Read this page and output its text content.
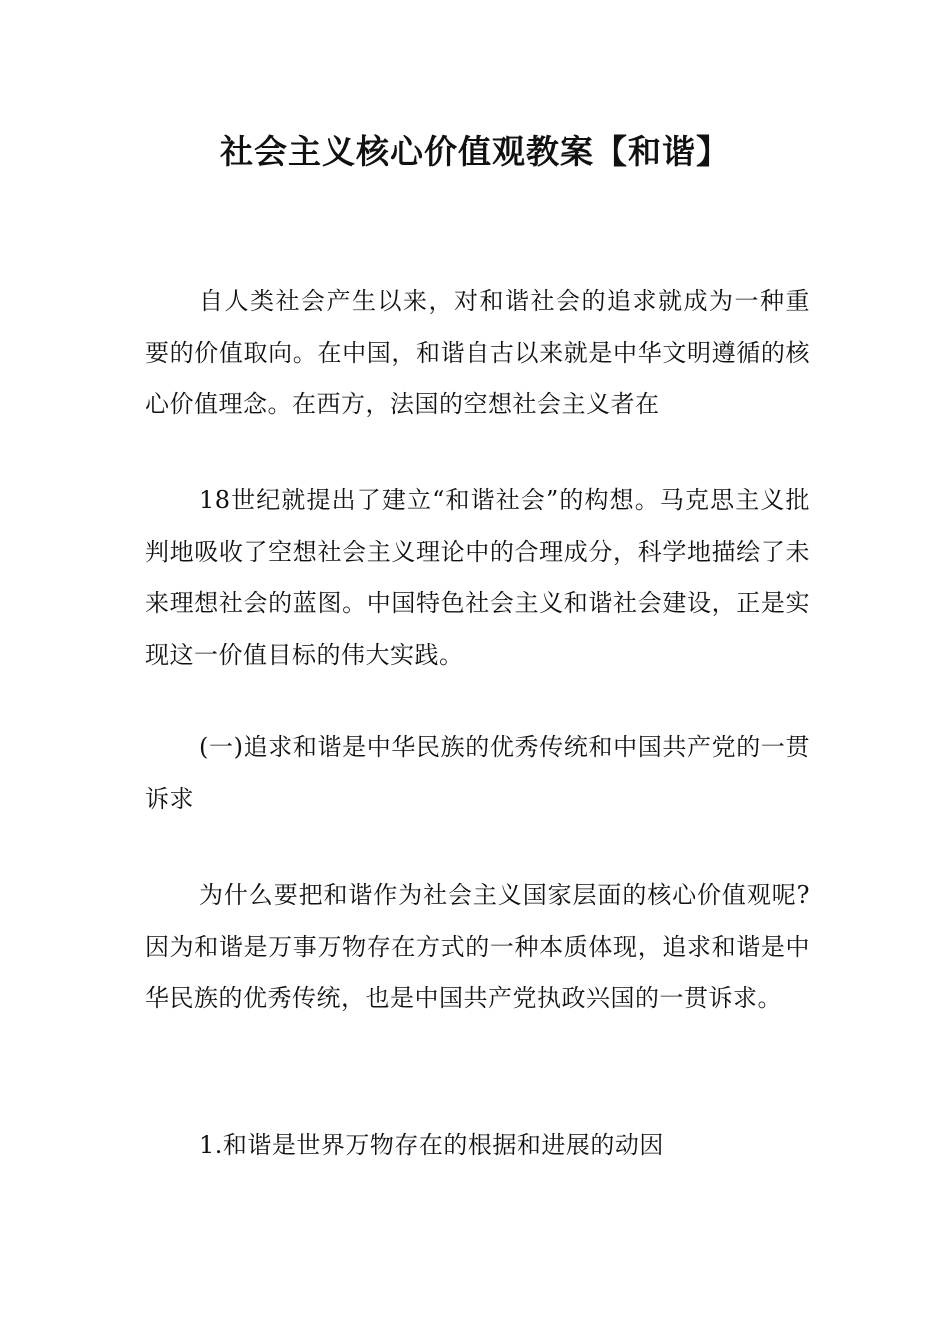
社会主义核心价值观教案【和谐】

自人类社会产生以来，对和谐社会的追求就成为一种重要的价值取向。在中国，和谐自古以来就是中华文明遵循的核心价值理念。在西方，法国的空想社会主义者在

18世纪就提出了建立“和谐社会”的构想。马克思主义批判地吸收了空想社会主义理论中的合理成分，科学地描绘了未来理想社会的蓝图。中国特色社会主义和谐社会建设，正是实现这一价值目标的伟大实践。

(一)追求和谐是中华民族的优秀传统和中国共产党的一贯诉求

为什么要把和谐作为社会主义国家层面的核心价值观呢?因为和谐是万事万物存在方式的一种本质体现，追求和谐是中华民族的优秀传统，也是中国共产党执政兴国的一贯诉求。

1.和谐是世界万物存在的根据和进展的动因
